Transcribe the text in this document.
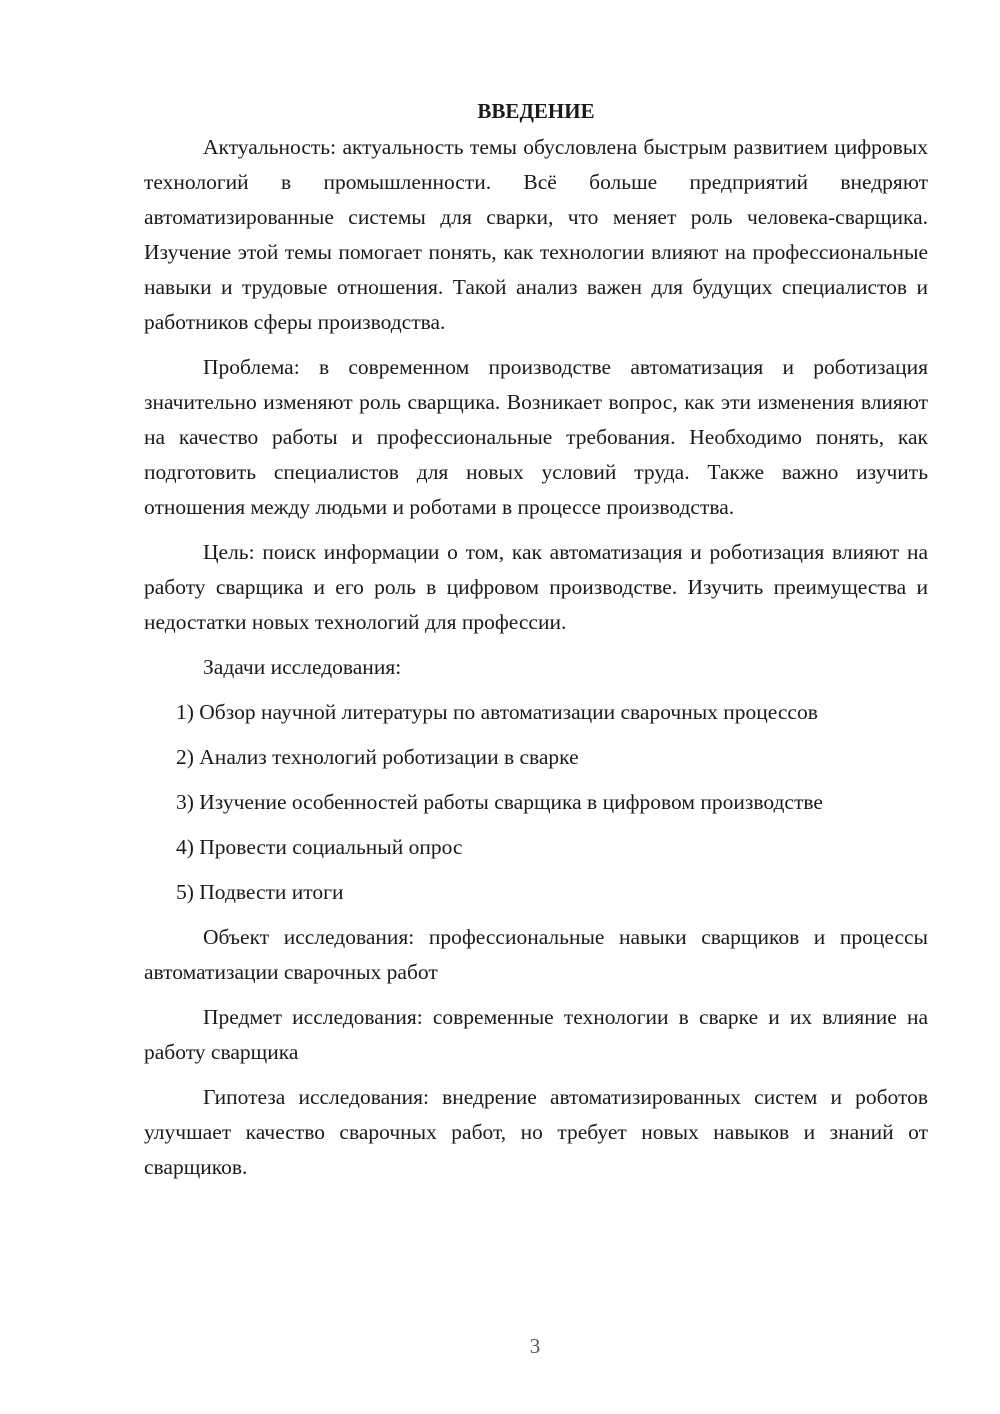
ВВЕДЕНИЕ

Актуальность: актуальность темы обусловлена быстрым развитием цифровых технологий в промышленности. Всё больше предприятий внедряют автоматизированные системы для сварки, что меняет роль человека-сварщика. Изучение этой темы помогает понять, как технологии влияют на профессиональные навыки и трудовые отношения. Такой анализ важен для будущих специалистов и работников сферы производства.

Проблема: в современном производстве автоматизация и роботизация значительно изменяют роль сварщика. Возникает вопрос, как эти изменения влияют на качество работы и профессиональные требования. Необходимо понять, как подготовить специалистов для новых условий труда. Также важно изучить отношения между людьми и роботами в процессе производства.

Цель: поиск информации о том, как автоматизация и роботизация влияют на работу сварщика и его роль в цифровом производстве. Изучить преимущества и недостатки новых технологий для профессии.

Задачи исследования:

1) Обзор научной литературы по автоматизации сварочных процессов
2) Анализ технологий роботизации в сварке
3) Изучение особенностей работы сварщика в цифровом производстве
4) Провести социальный опрос
5) Подвести итоги

Объект исследования: профессиональные навыки сварщиков и процессы автоматизации сварочных работ

Предмет исследования: современные технологии в сварке и их влияние на работу сварщика

Гипотеза исследования: внедрение автоматизированных систем и роботов улучшает качество сварочных работ, но требует новых навыков и знаний от сварщиков.

3
